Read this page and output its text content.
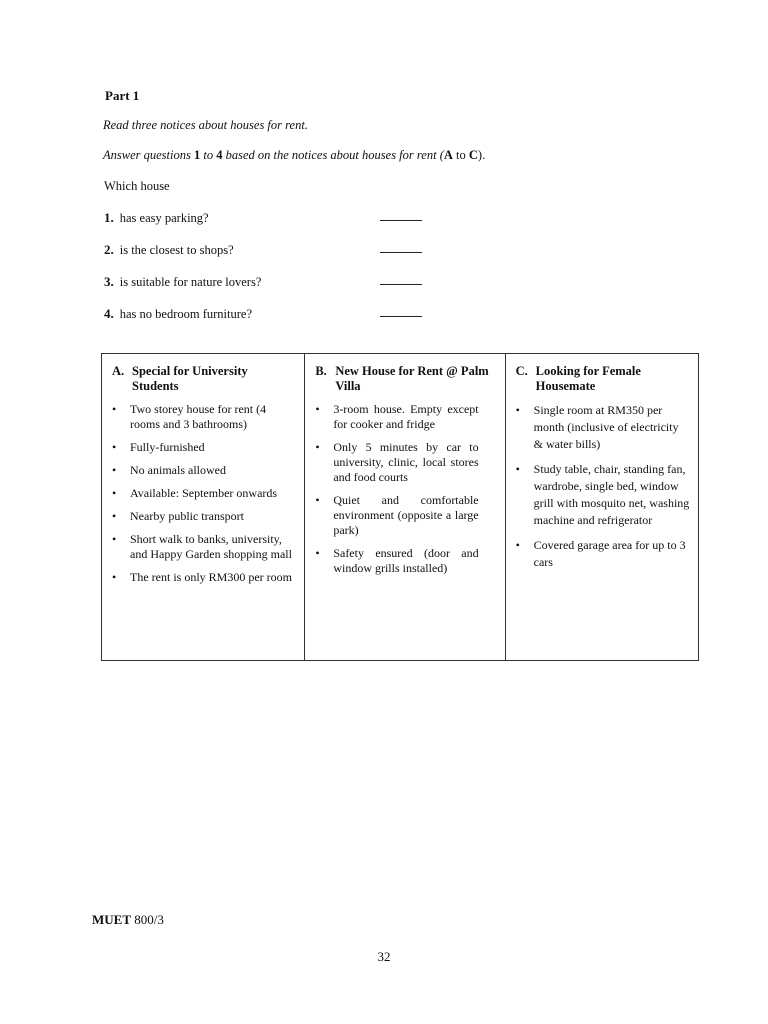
Part 1
Read three notices about houses for rent.
Answer questions 1 to 4 based on the notices about houses for rent (A to C).
Which house
1. has easy parking?
2. is the closest to shops?
3. is suitable for nature lovers?
4. has no bedroom furniture?
A. Special for University Students
•	Two storey house for rent (4 rooms and 3 bathrooms)
•	Fully-furnished
•	No animals allowed
•	Available: September onwards
•	Nearby public transport
•	Short walk to banks, university, and Happy Garden shopping mall
•	The rent is only RM300 per room
B. New House for Rent @ Palm Villa
•	3-room house. Empty except for cooker and fridge
•	Only 5 minutes by car to university, clinic, local stores and food courts
•	Quiet and comfortable environment (opposite a large park)
•	Safety ensured (door and window grills installed)
C. Looking for Female Housemate
•	Single room at RM350 per month (inclusive of electricity & water bills)
•	Study table, chair, standing fan, wardrobe, single bed, window grill with mosquito net, washing machine and refrigerator
•	Covered garage area for up to 3 cars
MUET 800/3
32
